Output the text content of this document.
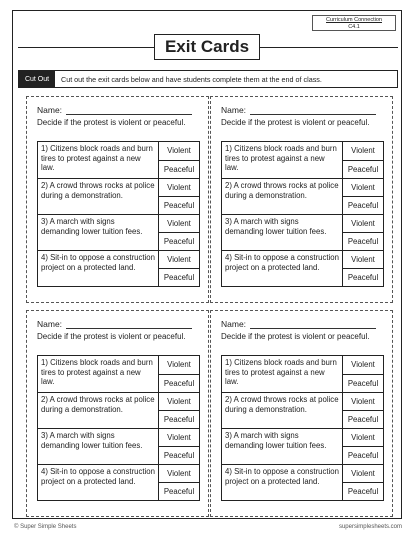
Curriculum Connection
C4.1
Exit Cards
Cut Out	Cut out the exit cards below and have students complete them at the end of class.
Name:
Decide if the protest is violent or peaceful.
1) Citizens block roads and burn tires to protest against a new law.
Violent
Peaceful
2) A crowd throws rocks at police during a demonstration.
Violent
Peaceful
3) A march with signs demanding lower tuition fees.
Violent
Peaceful
4) Sit-in to oppose a construction project on a protected land.
Violent
Peaceful
Name:
Decide if the protest is violent or peaceful.
1) Citizens block roads and burn tires to protest against a new law.
Violent
Peaceful
2) A crowd throws rocks at police during a demonstration.
Violent
Peaceful
3) A march with signs demanding lower tuition fees.
Violent
Peaceful
4) Sit-in to oppose a construction project on a protected land.
Violent
Peaceful
Name:
Decide if the protest is violent or peaceful.
1) Citizens block roads and burn tires to protest against a new law.
Violent
Peaceful
2) A crowd throws rocks at police during a demonstration.
Violent
Peaceful
3) A march with signs demanding lower tuition fees.
Violent
Peaceful
4) Sit-in to oppose a construction project on a protected land.
Violent
Peaceful
Name:
Decide if the protest is violent or peaceful.
1) Citizens block roads and burn tires to protest against a new law.
Violent
Peaceful
2) A crowd throws rocks at police during a demonstration.
Violent
Peaceful
3) A march with signs demanding lower tuition fees.
Violent
Peaceful
4) Sit-in to oppose a construction project on a protected land.
Violent
Peaceful
© Super Simple Sheets	supersimplesheets.com
